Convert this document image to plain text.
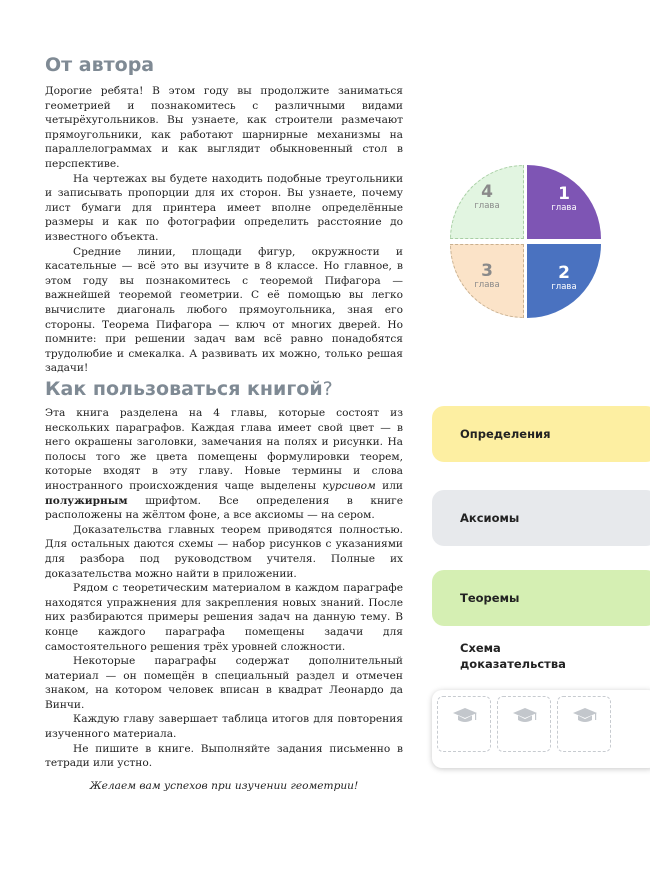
От автора

Дорогие ребята! В этом году вы продолжите заниматься геометрией и познакомитесь с различными видами четырёхугольников. Вы узнаете, как строители размечают прямоугольники, как работают шарнирные механизмы на параллелограммах и как выглядит обыкновенный стол в перспективе.

На чертежах вы будете находить подобные треугольники и записывать пропорции для их сторон. Вы узнаете, почему лист бумаги для принтера имеет вполне определённые размеры и как по фотографии определить расстояние до известного объекта.

Средние линии, площади фигур, окружности и касательные — всё это вы изучите в 8 классе. Но главное, в этом году вы познакомитесь с теоремой Пифагора — важнейшей теоремой геометрии. С её помощью вы легко вычислите диагональ любого прямоугольника, зная его стороны. Теорема Пифагора — ключ от многих дверей. Но помните: при решении задач вам всё равно понадобятся трудолюбие и смекалка. А развивать их можно, только решая задачи!

Как пользоваться книгой?

Эта книга разделена на 4 главы, которые состоят из нескольких параграфов. Каждая глава имеет свой цвет — в него окрашены заголовки, замечания на полях и рисунки. На полосы того же цвета помещены формулировки теорем, которые входят в эту главу. Новые термины и слова иностранного происхождения чаще выделены курсивом или полужирным шрифтом. Все определения в книге расположены на жёлтом фоне, а все аксиомы — на сером.

Доказательства главных теорем приводятся полностью. Для остальных даются схемы — набор рисунков с указаниями для разбора под руководством учителя. Полные их доказательства можно найти в приложении.

Рядом с теоретическим материалом в каждом параграфе находятся упражнения для закрепления новых знаний. После них разбираются примеры решения задач на данную тему. В конце каждого параграфа помещены задачи для самостоятельного решения трёх уровней сложности.

Некоторые параграфы содержат дополнительный материал — он помещён в специальный раздел и отмечен знаком, на котором человек вписан в квадрат Леонардо да Винчи.

Каждую главу завершает таблица итогов для повторения изученного материала.

Не пишите в книге. Выполняйте задания письменно в тетради или устно.

Желаем вам успехов при изучении геометрии!

4
глава
1
глава
3
глава
2
глава
Определения
Аксиомы
Теоремы
Схема доказательства
